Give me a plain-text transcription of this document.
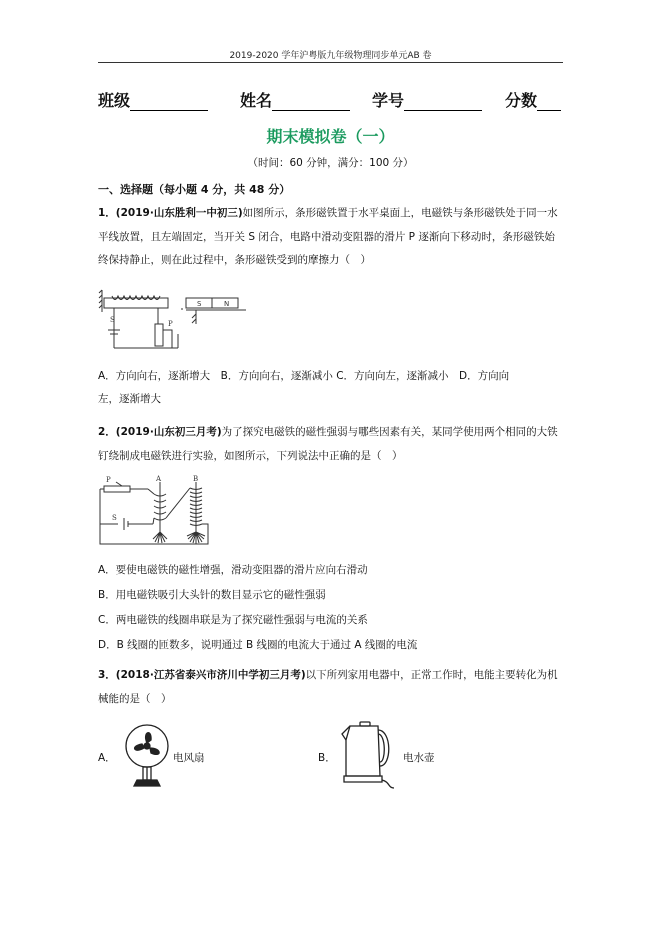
2019-2020 学年沪粤版九年级物理同步单元AB 卷
班级	姓名	学号	分数
期末模拟卷（一）
（时间：60 分钟，满分：100 分）
一、选择题（每小题 4 分，共 48 分）
1．(2019·山东胜利一中初三)如图所示，条形磁铁置于水平桌面上，电磁铁与条形磁铁处于同一水平线放置，且左端固定，当开关 S 闭合，电路中滑动变阻器的滑片 P 逐渐向下移动时，条形磁铁始终保持静止，则在此过程中，条形磁铁受到的摩擦力（　）
S	P
S	N
A．方向向右，逐渐增大　B．方向向右，逐渐减小 C．方向向左，逐渐减小　D．方向向
左，逐渐增大
2．(2019·山东初三月考)为了探究电磁铁的磁性强弱与哪些因素有关，某同学使用两个相同的大铁钉绕制成电磁铁进行实验，如图所示，下列说法中正确的是（　）
P	A	B
S
A．要使电磁铁的磁性增强，滑动变阻器的滑片应向右滑动
B．用电磁铁吸引大头针的数目显示它的磁性强弱
C．两电磁铁的线圈串联是为了探究磁性强弱与电流的关系
D．B 线圈的匝数多，说明通过 B 线圈的电流大于通过 A 线圈的电流
3．(2018·江苏省泰兴市济川中学初三月考)以下所列家用电器中，正常工作时，电能主要转化为机械能的是（　）
A．	电风扇	B．	电水壶
